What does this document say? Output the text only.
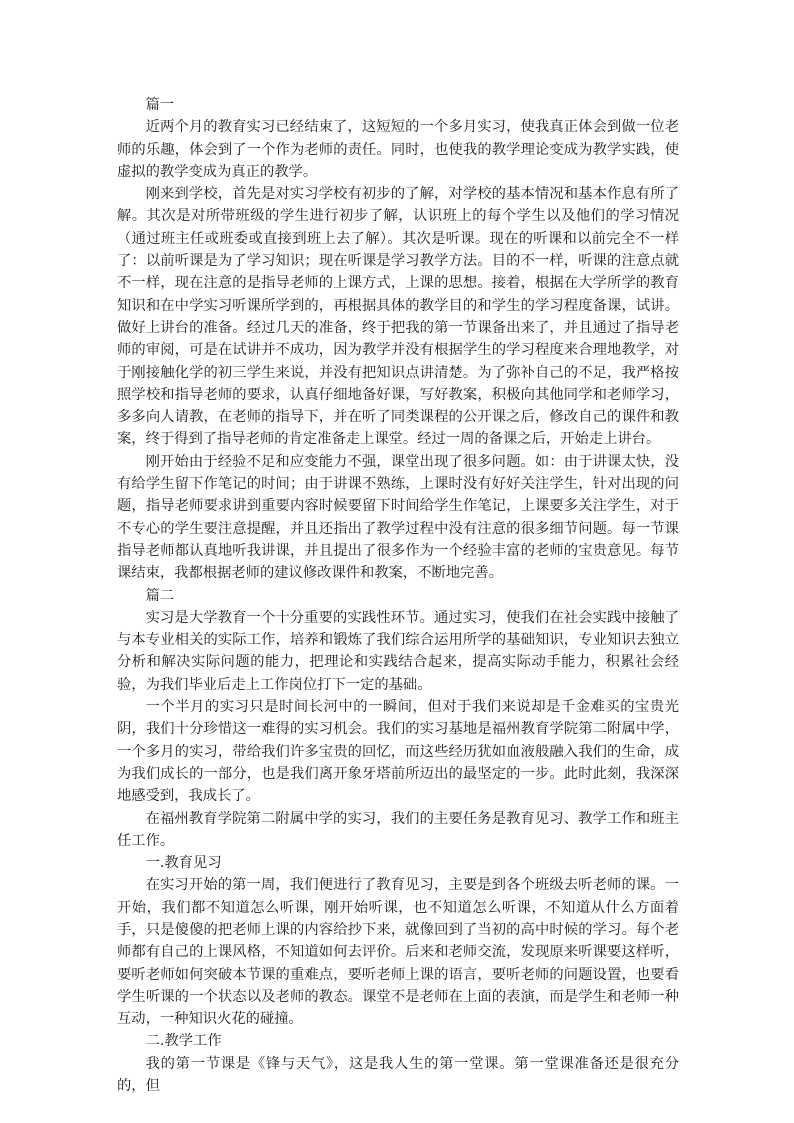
篇一

近两个月的教育实习已经结束了，这短短的一个多月实习，使我真正体会到做一位老师的乐趣，体会到了一个作为老师的责任。同时，也使我的教学理论变成为教学实践，使虚拟的教学变成为真正的教学。

刚来到学校，首先是对实习学校有初步的了解，对学校的基本情况和基本作息有所了解。其次是对所带班级的学生进行初步了解，认识班上的每个学生以及他们的学习情况（通过班主任或班委或直接到班上去了解）。其次是听课。现在的听课和以前完全不一样了：以前听课是为了学习知识；现在听课是学习教学方法。目的不一样，听课的注意点就不一样，现在注意的是指导老师的上课方式，上课的思想。接着，根据在大学所学的教育知识和在中学实习听课所学到的，再根据具体的教学目的和学生的学习程度备课，试讲。做好上讲台的准备。经过几天的准备，终于把我的第一节课备出来了，并且通过了指导老师的审阅，可是在试讲并不成功，因为教学并没有根据学生的学习程度来合理地教学，对于刚接触化学的初三学生来说，并没有把知识点讲清楚。为了弥补自己的不足，我严格按照学校和指导老师的要求，认真仔细地备好课，写好教案，积极向其他同学和老师学习，多多向人请教，在老师的指导下，并在听了同类课程的公开课之后，修改自己的课件和教案，终于得到了指导老师的肯定准备走上课堂。经过一周的备课之后，开始走上讲台。

刚开始由于经验不足和应变能力不强，课堂出现了很多问题。如：由于讲课太快，没有给学生留下作笔记的时间；由于讲课不熟练，上课时没有好好关注学生，针对出现的问题，指导老师要求讲到重要内容时候要留下时间给学生作笔记，上课要多关注学生，对于不专心的学生要注意提醒，并且还指出了教学过程中没有注意的很多细节问题。每一节课指导老师都认真地听我讲课，并且提出了很多作为一个经验丰富的老师的宝贵意见。每节课结束，我都根据老师的建议修改课件和教案，不断地完善。

篇二

实习是大学教育一个十分重要的实践性环节。通过实习，使我们在社会实践中接触了与本专业相关的实际工作，培养和锻炼了我们综合运用所学的基础知识，专业知识去独立分析和解决实际问题的能力，把理论和实践结合起来，提高实际动手能力，积累社会经验，为我们毕业后走上工作岗位打下一定的基础。

一个半月的实习只是时间长河中的一瞬间，但对于我们来说却是千金难买的宝贵光阴，我们十分珍惜这一难得的实习机会。我们的实习基地是福州教育学院第二附属中学，一个多月的实习，带给我们许多宝贵的回忆，而这些经历犹如血液般融入我们的生命，成为我们成长的一部分，也是我们离开象牙塔前所迈出的最坚定的一步。此时此刻，我深深地感受到，我成长了。

在福州教育学院第二附属中学的实习，我们的主要任务是教育见习、教学工作和班主任工作。

一.教育见习

在实习开始的第一周，我们便进行了教育见习，主要是到各个班级去听老师的课。一开始，我们都不知道怎么听课，刚开始听课，也不知道怎么听课，不知道从什么方面着手，只是傻傻的把老师上课的内容给抄下来，就像回到了当初的高中时候的学习。每个老师都有自己的上课风格，不知道如何去评价。后来和老师交流，发现原来听课要这样听，要听老师如何突破本节课的重难点，要听老师上课的语言，要听老师的问题设置，也要看学生听课的一个状态以及老师的教态。课堂不是老师在上面的表演，而是学生和老师一种互动，一种知识火花的碰撞。

二.教学工作

我的第一节课是《锋与天气》，这是我人生的第一堂课。第一堂课准备还是很充分的，但
